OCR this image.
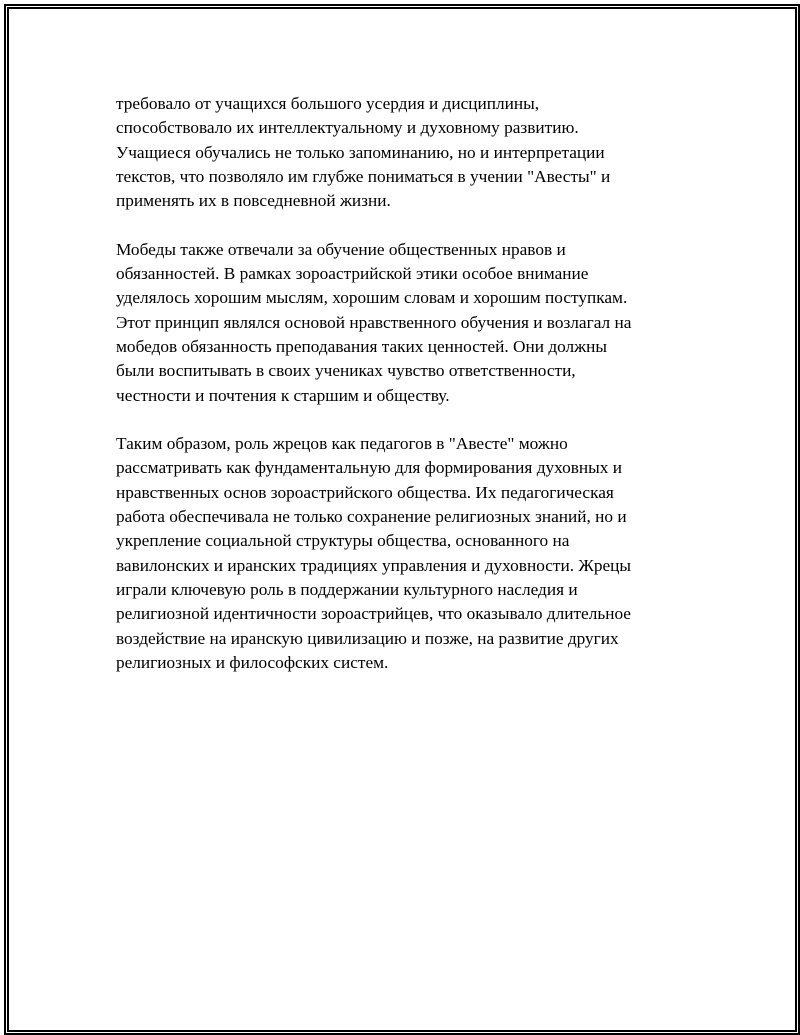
требовало от учащихся большого усердия и дисциплины,
способствовало их интеллектуальному и духовному развитию.
Учащиеся обучались не только запоминанию, но и интерпретации
текстов, что позволяло им глубже пониматься в учении "Авесты" и
применять их в повседневной жизни.

Мобеды также отвечали за обучение общественных нравов и
обязанностей. В рамках зороастрийской этики особое внимание
уделялось хорошим мыслям, хорошим словам и хорошим поступкам.
Этот принцип являлся основой нравственного обучения и возлагал на
мобедов обязанность преподавания таких ценностей. Они должны
были воспитывать в своих учениках чувство ответственности,
честности и почтения к старшим и обществу.

Таким образом, роль жрецов как педагогов в "Авесте" можно
рассматривать как фундаментальную для формирования духовных и
нравственных основ зороастрийского общества. Их педагогическая
работа обеспечивала не только сохранение религиозных знаний, но и
укрепление социальной структуры общества, основанного на
вавилонских и иранских традициях управления и духовности. Жрецы
играли ключевую роль в поддержании культурного наследия и
религиозной идентичности зороастрийцев, что оказывало длительное
воздействие на иранскую цивилизацию и позже, на развитие других
религиозных и философских систем.
